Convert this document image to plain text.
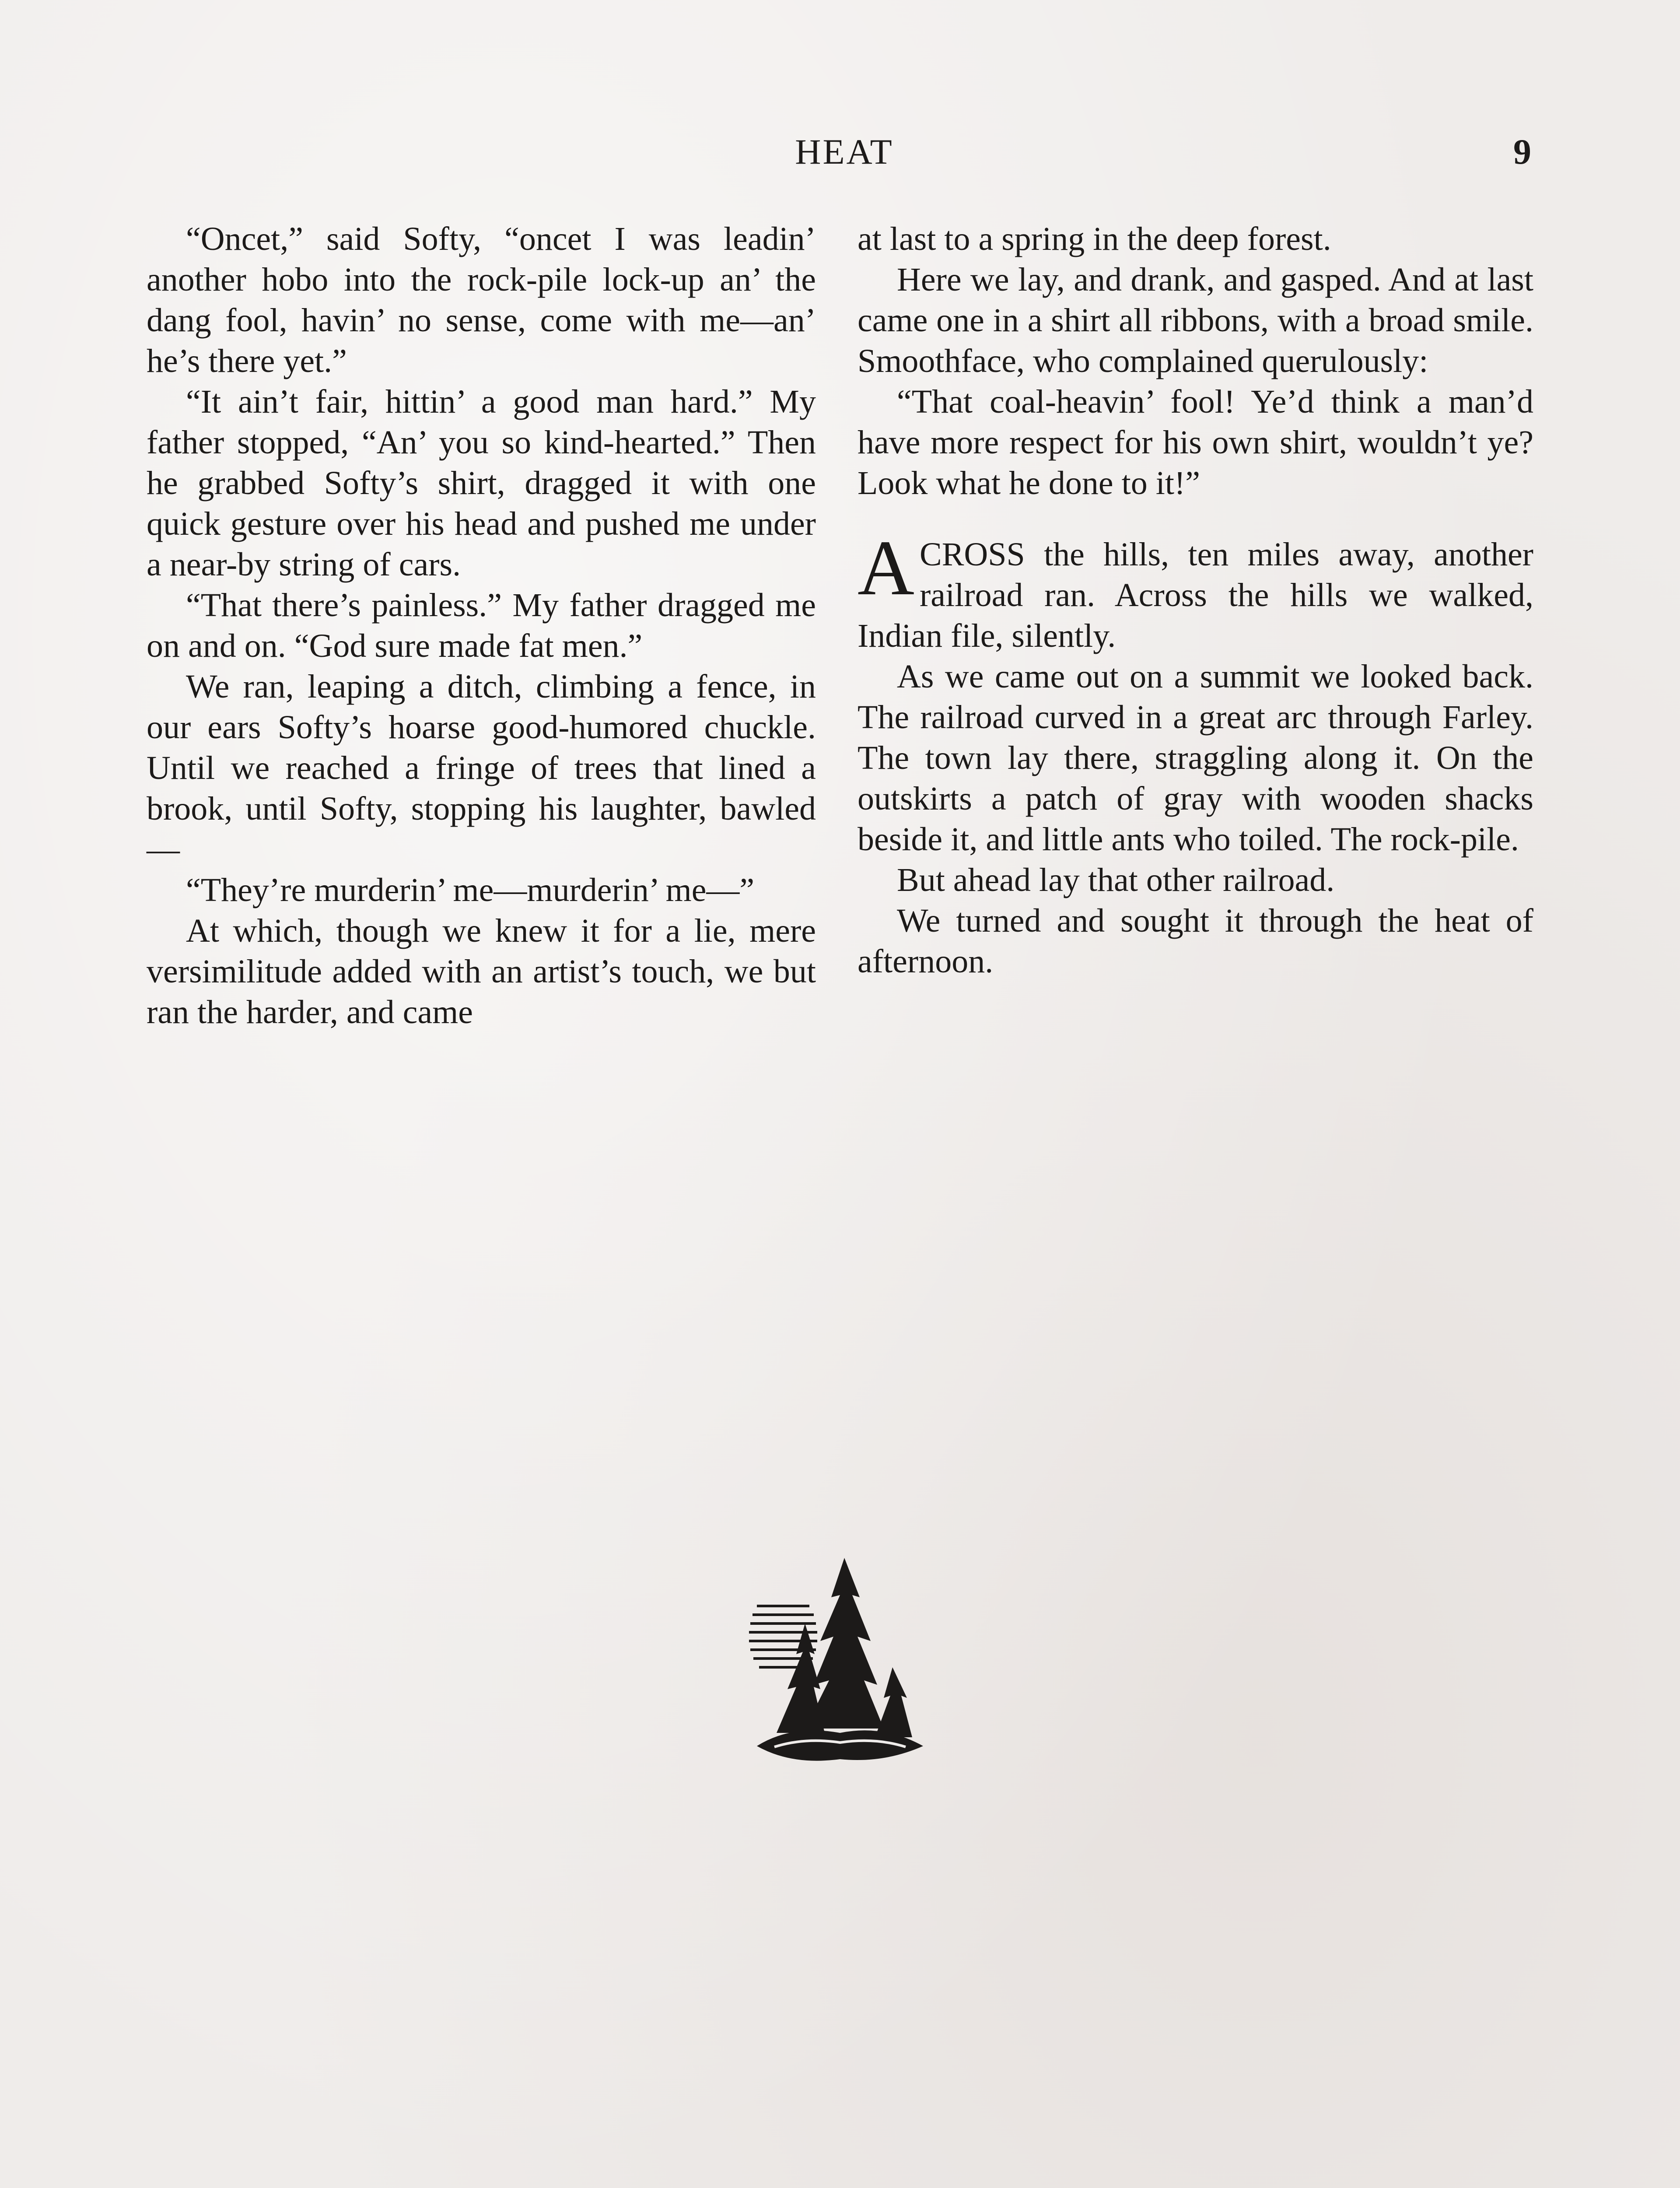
HEAT	9

“Oncet,” said Softy, “oncet I was leadin’ another hobo into the rock-pile lock-up an’ the dang fool, havin’ no sense, come with me—an’ he’s there yet.”

“It ain’t fair, hittin’ a good man hard.” My father stopped, “An’ you so kind-hearted.” Then he grabbed Softy’s shirt, dragged it with one quick gesture over his head and pushed me under a near-by string of cars.

“That there’s painless.” My father dragged me on and on. “God sure made fat men.”

We ran, leaping a ditch, climbing a fence, in our ears Softy’s hoarse good-humored chuckle. Until we reached a fringe of trees that lined a brook, until Softy, stopping his laughter, bawled—

“They’re murderin’ me—murderin’ me—”

At which, though we knew it for a lie, mere versimilitude added with an artist’s touch, we but ran the harder, and came

at last to a spring in the deep forest.

Here we lay, and drank, and gasped. And at last came one in a shirt all ribbons, with a broad smile. Smoothface, who complained querulously:

“That coal-heavin’ fool! Ye’d think a man’d have more respect for his own shirt, wouldn’t ye? Look what he done to it!”

ACROSS the hills, ten miles away, another railroad ran. Across the hills we walked, Indian file, silently.

As we came out on a summit we looked back. The railroad curved in a great arc through Farley. The town lay there, straggling along it. On the outskirts a patch of gray with wooden shacks beside it, and little ants who toiled. The rock-pile.

But ahead lay that other railroad.

We turned and sought it through the heat of afternoon.
